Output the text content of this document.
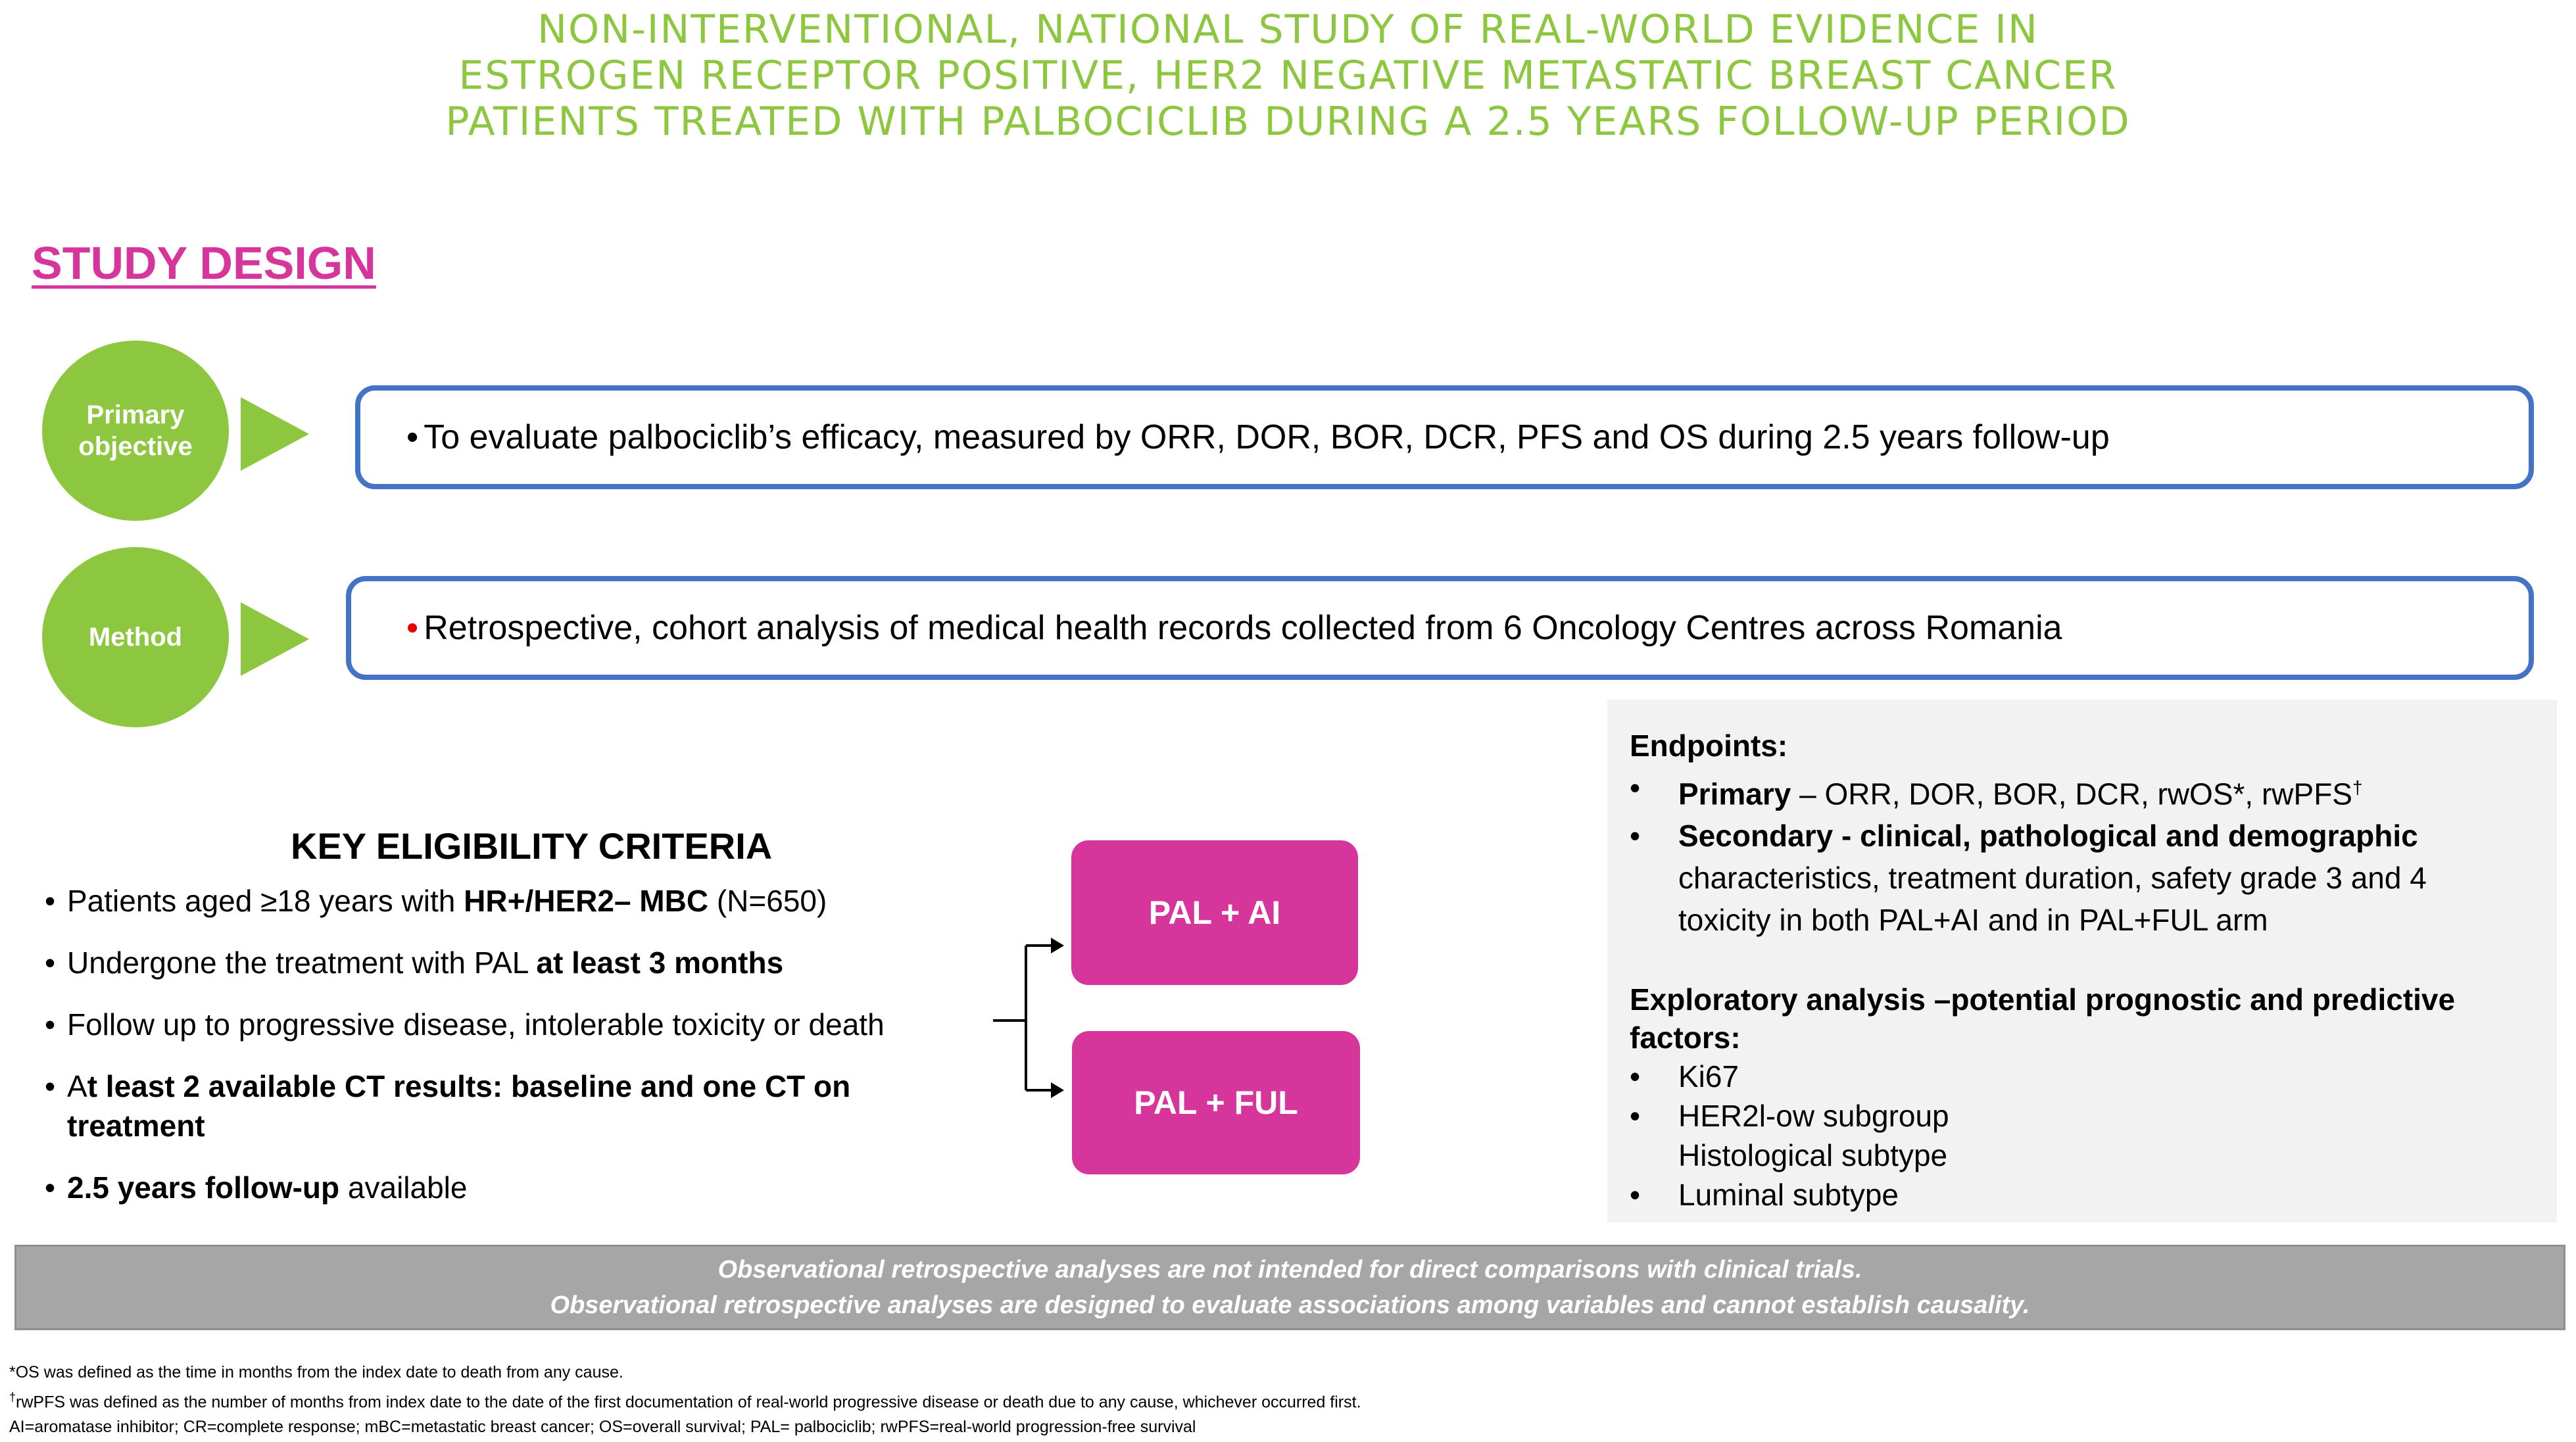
NON-INTERVENTIONAL, NATIONAL STUDY OF REAL-WORLD EVIDENCE IN
ESTROGEN RECEPTOR POSITIVE, HER2 NEGATIVE METASTATIC BREAST CANCER
PATIENTS TREATED WITH PALBOCICLIB DURING A 2.5 YEARS FOLLOW-UP PERIOD
STUDY DESIGN
Primary
objective	• To evaluate palbociclib’s efficacy, measured by ORR, DOR, BOR, DCR, PFS and OS during 2.5 years follow-up
Method	• Retrospective, cohort analysis of medical health records collected from 6 Oncology Centres across Romania
KEY ELIGIBILITY CRITERIA
• Patients aged ≥18 years with HR+/HER2– MBC (N=650)
• Undergone the treatment with PAL at least 3 months
• Follow up to progressive disease, intolerable toxicity or death
• At least 2 available CT results: baseline and one CT on treatment
• 2.5 years follow-up available
PAL + AI
PAL + FUL
Endpoints:
•	Primary – ORR, DOR, BOR, DCR, rwOS*, rwPFS†
•	Secondary - clinical, pathological and demographic characteristics, treatment duration, safety grade 3 and 4 toxicity in both PAL+AI and in PAL+FUL arm
Exploratory analysis –potential prognostic and predictive factors:
•	Ki67
•	HER2l-ow subgroup
Histological subtype
•	Luminal subtype
Observational retrospective analyses are not intended for direct comparisons with clinical trials.
Observational retrospective analyses are designed to evaluate associations among variables and cannot establish causality.
*OS was defined as the time in months from the index date to death from any cause.
†rwPFS was defined as the number of months from index date to the date of the first documentation of real-world progressive disease or death due to any cause, whichever occurred first.
AI=aromatase inhibitor; CR=complete response; mBC=metastatic breast cancer; OS=overall survival; PAL= palbociclib; rwPFS=real-world progression-free survival
